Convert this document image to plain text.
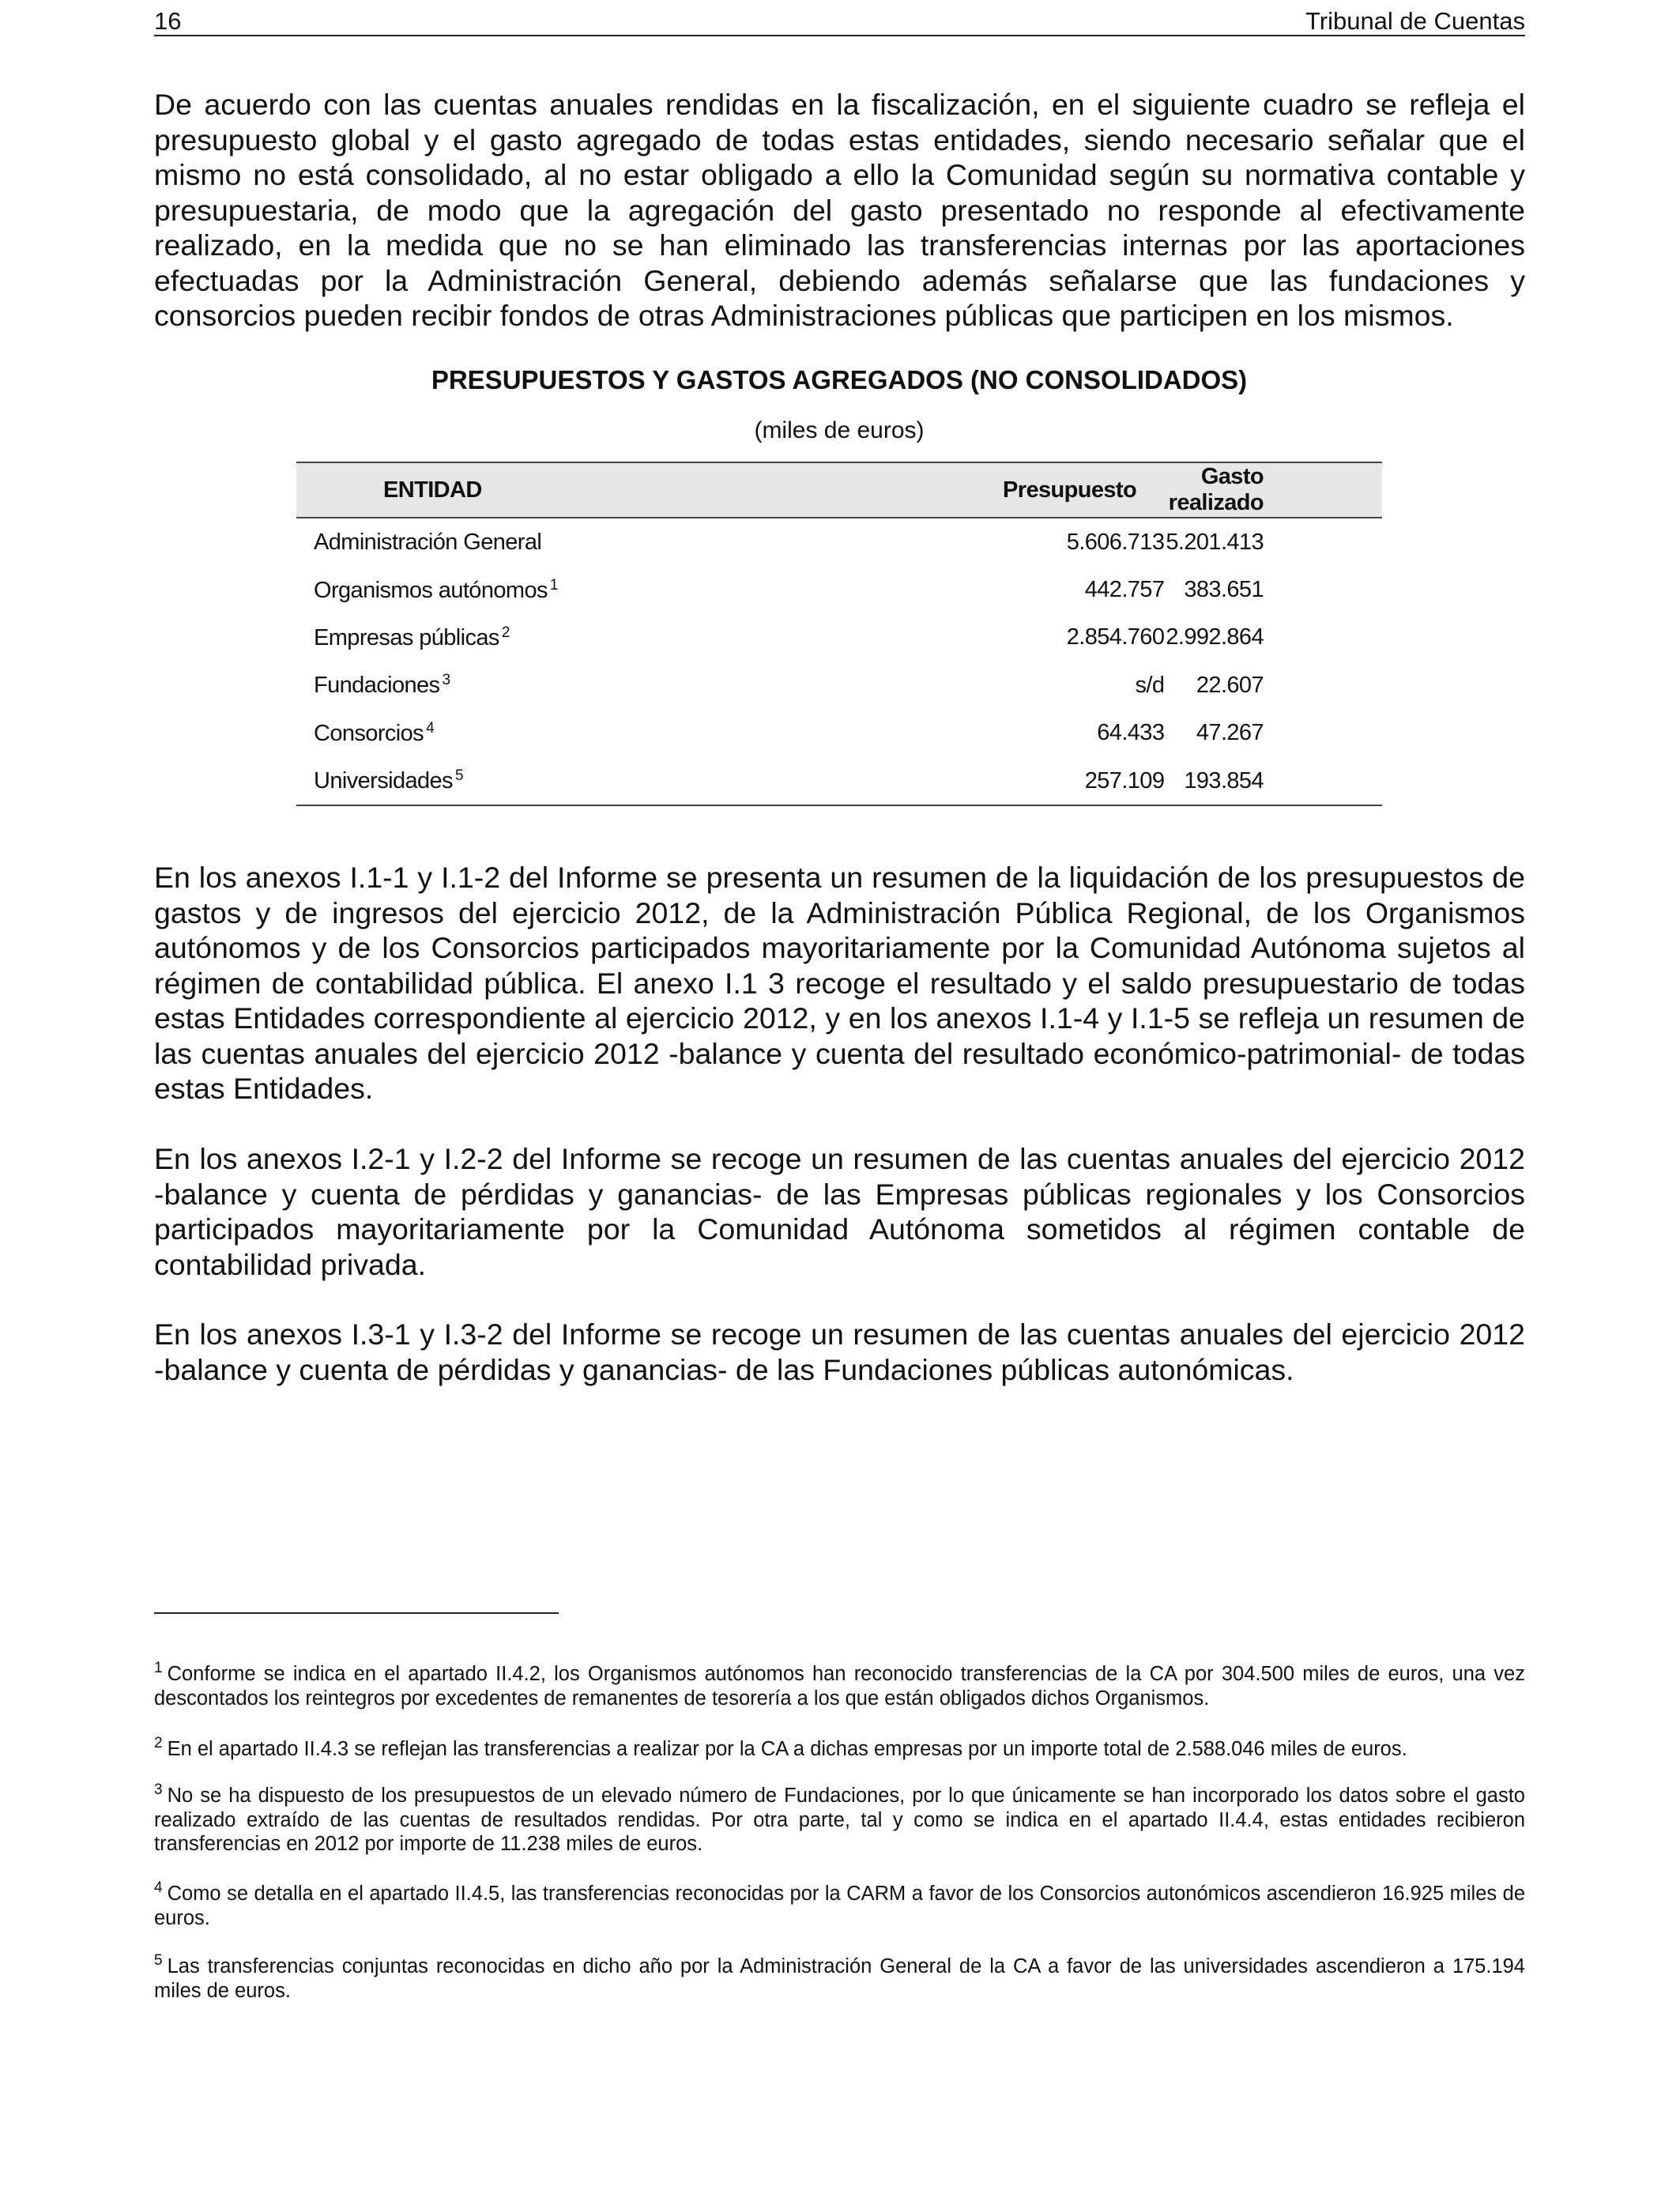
16	Tribunal de Cuentas

De acuerdo con las cuentas anuales rendidas en la fiscalización, en el siguiente cuadro se refleja el presupuesto global y el gasto agregado de todas estas entidades, siendo necesario señalar que el mismo no está consolidado, al no estar obligado a ello la Comunidad según su normativa contable y presupuestaria, de modo que la agregación del gasto presentado no responde al efectivamente realizado, en la medida que no se han eliminado las transferencias internas por las aportaciones efectuadas por la Administración General, debiendo además señalarse que las fundaciones y consorcios pueden recibir fondos de otras Administraciones públicas que participen en los mismos.

PRESUPUESTOS Y GASTOS AGREGADOS (NO CONSOLIDADOS)
(miles de euros)
ENTIDAD	Presupuesto	Gasto realizado
Administración General	5.606.713	5.201.413
Organismos autónomos $^1$	442.757	383.651
Empresas públicas $^2$	2.854.760	2.992.864
Fundaciones $^3$	s/d	22.607
Consorcios $^4$	64.433	47.267
Universidades $^5$	257.109	193.854

En los anexos I.1-1 y I.1-2 del Informe se presenta un resumen de la liquidación de los presupuestos de gastos y de ingresos del ejercicio 2012, de la Administración Pública Regional, de los Organismos autónomos y de los Consorcios participados mayoritariamente por la Comunidad Autónoma sujetos al régimen de contabilidad pública. El anexo I.1 3 recoge el resultado y el saldo presupuestario de todas estas Entidades correspondiente al ejercicio 2012, y en los anexos I.1-4 y I.1-5 se refleja un resumen de las cuentas anuales del ejercicio 2012 -balance y cuenta del resultado económico-patrimonial- de todas estas Entidades.

En los anexos I.2-1 y I.2-2 del Informe se recoge un resumen de las cuentas anuales del ejercicio 2012 -balance y cuenta de pérdidas y ganancias- de las Empresas públicas regionales y los Consorcios participados mayoritariamente por la Comunidad Autónoma sometidos al régimen contable de contabilidad privada.

En los anexos I.3-1 y I.3-2 del Informe se recoge un resumen de las cuentas anuales del ejercicio 2012 -balance y cuenta de pérdidas y ganancias- de las Fundaciones públicas autonómicas.

$^1$ Conforme se indica en el apartado II.4.2, los Organismos autónomos han reconocido transferencias de la CA por 304.500 miles de euros, una vez descontados los reintegros por excedentes de remanentes de tesorería a los que están obligados dichos Organismos.

$^2$ En el apartado II.4.3 se reflejan las transferencias a realizar por la CA a dichas empresas por un importe total de 2.588.046 miles de euros.

$^3$ No se ha dispuesto de los presupuestos de un elevado número de Fundaciones, por lo que únicamente se han incorporado los datos sobre el gasto realizado extraído de las cuentas de resultados rendidas. Por otra parte, tal y como se indica en el apartado II.4.4, estas entidades recibieron transferencias en 2012 por importe de 11.238 miles de euros.

$^4$ Como se detalla en el apartado II.4.5, las transferencias reconocidas por la CARM a favor de los Consorcios autonómicos ascendieron 16.925 miles de euros.

$^5$ Las transferencias conjuntas reconocidas en dicho año por la Administración General de la CA a favor de las universidades ascendieron a 175.194 miles de euros.
